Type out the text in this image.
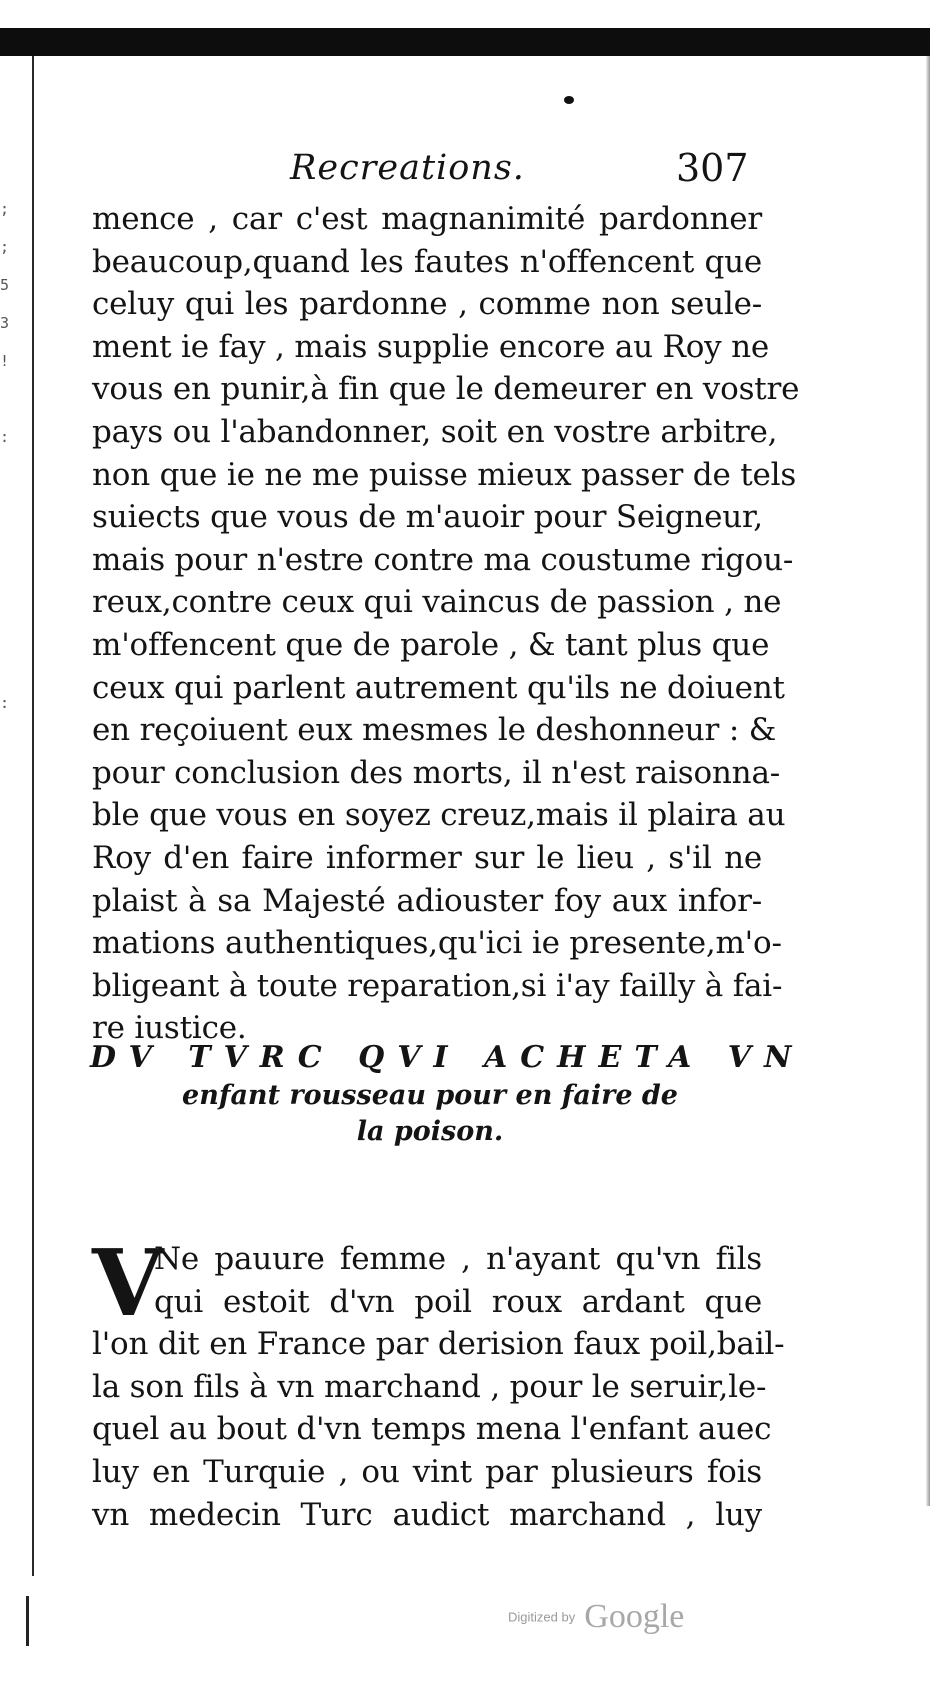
;
;
5
3
!
:
:
Recreations.	307
mence , car c'est magnanimité pardonner
beaucoup,quand les fautes n'offencent que
celuy qui les pardonne , comme non seule-
ment ie fay , mais supplie encore au Roy ne
vous en punir,à fin que le demeurer en vostre
pays ou l'abandonner, soit en vostre arbitre,
non que ie ne me puisse mieux passer de tels
suiects que vous de m'auoir pour Seigneur,
mais pour n'estre contre ma coustume rigou-
reux,contre ceux qui vaincus de passion , ne
m'offencent que de parole , & tant plus que
ceux qui parlent autrement qu'ils ne doiuent
en reçoiuent eux mesmes le deshonneur : &
pour conclusion des morts, il n'est raisonna-
ble que vous en soyez creuz,mais il plaira au
Roy d'en faire informer sur le lieu , s'il ne
plaist à sa Majesté adiouster foy aux infor-
mations authentiques,qu'ici ie presente,m'o-
bligeant à toute reparation,si i'ay failly à fai-
re iustice.
DV TVRC QVI ACHETA VN
enfant rousseau pour en faire de
la poison.
V
Ne pauure femme , n'ayant qu'vn fils
qui estoit d'vn poil roux ardant que
l'on dit en France par derision faux poil,bail-
la son fils à vn marchand , pour le seruir,le-
quel au bout d'vn temps mena l'enfant auec
luy en Turquie , ou vint par plusieurs fois
vn medecin Turc audict marchand , luy
Digitized by Google
